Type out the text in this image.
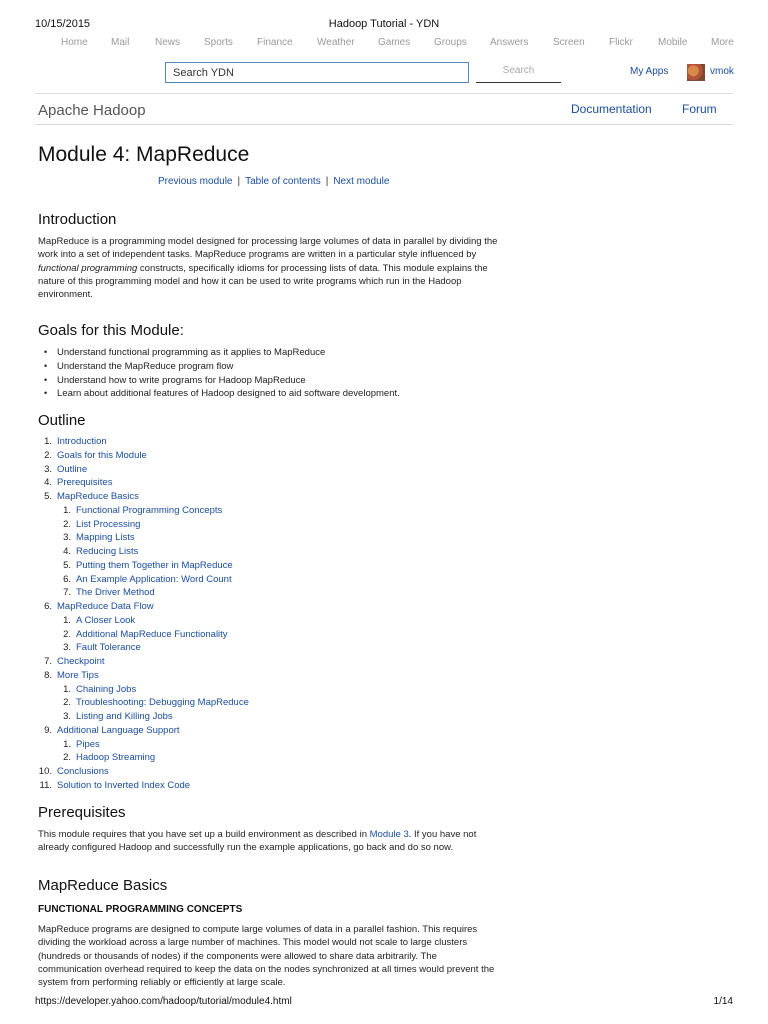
10/15/2015	Hadoop Tutorial - YDN
Home Mail	News Sports Finance Weather Games Groups Answers Screen Flickr	Mobile More
Search YDN	Search	My Apps	vmok
Apache Hadoop	Documentation	Forum
Module 4: MapReduce
Previous module | Table of contents | Next module
Introduction

MapReduce is a programming model designed for processing large volumes of data in parallel by dividing the
work into a set of independent tasks. MapReduce programs are written in a particular style influenced by
functional programming constructs, specifically idioms for processing lists of data. This module explains the
nature of this programming model and how it can be used to write programs which run in the Hadoop
environment.

Goals for this Module:
• Understand functional programming as it applies to MapReduce
• Understand the MapReduce program flow
• Understand how to write programs for Hadoop MapReduce
• Learn about additional features of Hadoop designed to aid software development.
Outline
1. Introduction
2. Goals for this Module
3. Outline
4. Prerequisites
5. MapReduce Basics
1. Functional Programming Concepts
2. List Processing
3. Mapping Lists
4. Reducing Lists
5. Putting them Together in MapReduce
6. An Example Application: Word Count
7. The Driver Method
6. MapReduce Data Flow
1. A Closer Look
2. Additional MapReduce Functionality
3. Fault Tolerance
7. Checkpoint
8. More Tips
1. Chaining Jobs
2. Troubleshooting: Debugging MapReduce
3. Listing and Killing Jobs
9. Additional Language Support
1. Pipes
2. Hadoop Streaming
10. Conclusions
11. Solution to Inverted Index Code
Prerequisites

This module requires that you have set up a build environment as described in Module 3. If you have not
already configured Hadoop and successfully run the example applications, go back and do so now.

MapReduce Basics
FUNCTIONAL PROGRAMMING CONCEPTS

MapReduce programs are designed to compute large volumes of data in a parallel fashion. This requires
dividing the workload across a large number of machines. This model would not scale to large clusters
(hundreds or thousands of nodes) if the components were allowed to share data arbitrarily. The
communication overhead required to keep the data on the nodes synchronized at all times would prevent the
system from performing reliably or efficiently at large scale.

https://developer.yahoo.com/hadoop/tutorial/module4.html	1/14
